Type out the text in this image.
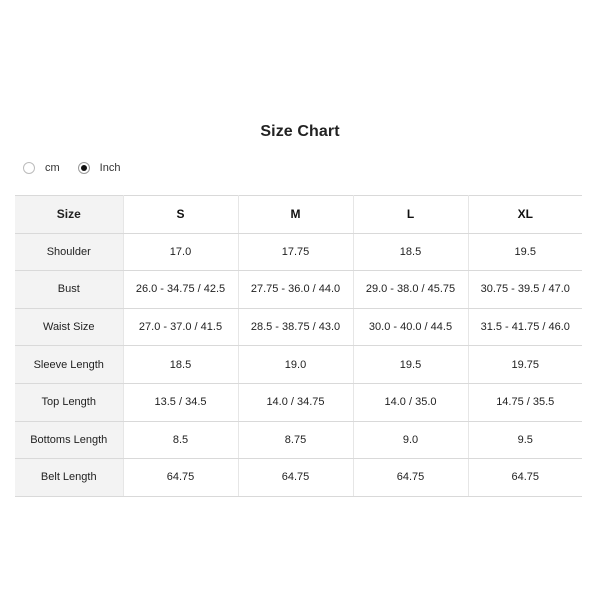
Size Chart
cm	Inch
Size	S	M	L	XL
Shoulder	17.0	17.75	18.5	19.5
Bust	26.0 - 34.75 / 42.5	27.75 - 36.0 / 44.0	29.0 - 38.0 / 45.75	30.75 - 39.5 / 47.0
Waist Size	27.0 - 37.0 / 41.5	28.5 - 38.75 / 43.0	30.0 - 40.0 / 44.5	31.5 - 41.75 / 46.0
Sleeve Length	18.5	19.0	19.5	19.75
Top Length	13.5 / 34.5	14.0 / 34.75	14.0 / 35.0	14.75 / 35.5
Bottoms Length	8.5	8.75	9.0	9.5
Belt Length	64.75	64.75	64.75	64.75
